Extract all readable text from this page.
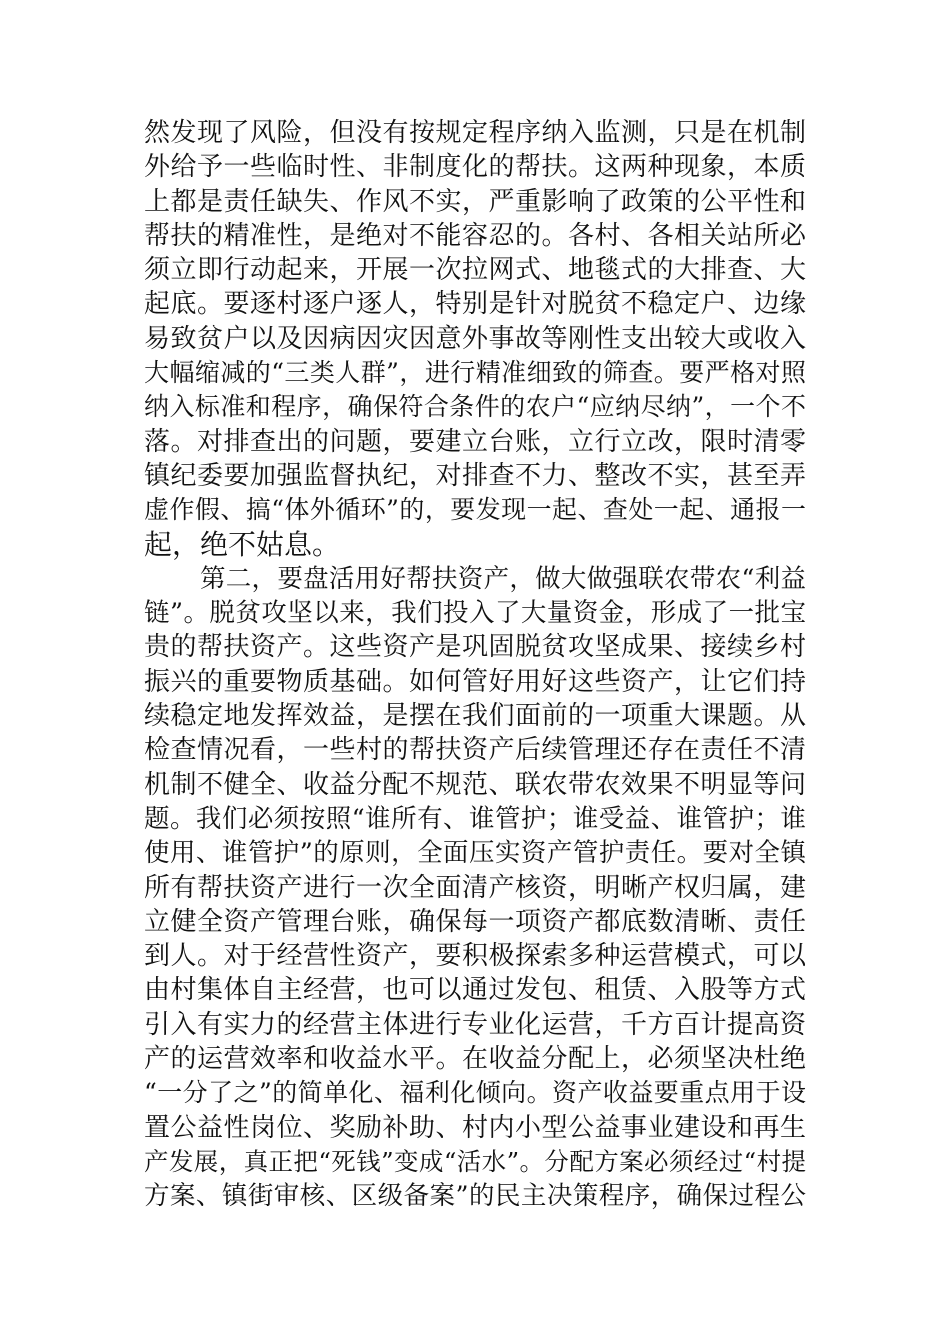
然发现了风险，但没有按规定程序纳入监测，只是在机制
外给予一些临时性、非制度化的帮扶。这两种现象，本质
上都是责任缺失、作风不实，严重影响了政策的公平性和
帮扶的精准性，是绝对不能容忍的。各村、各相关站所必
须立即行动起来，开展一次拉网式、地毯式的大排查、大
起底。要逐村逐户逐人，特别是针对脱贫不稳定户、边缘
易致贫户以及因病因灾因意外事故等刚性支出较大或收入
大幅缩减的“三类人群”，进行精准细致的筛查。要严格对照
纳入标准和程序，确保符合条件的农户“应纳尽纳”，一个不
落。对排查出的问题，要建立台账，立行立改，限时清零
镇纪委要加强监督执纪，对排查不力、整改不实，甚至弄
虚作假、搞“体外循环”的，要发现一起、查处一起、通报一
起，绝不姑息。
第二，要盘活用好帮扶资产，做大做强联农带农“利益
链”。脱贫攻坚以来，我们投入了大量资金，形成了一批宝
贵的帮扶资产。这些资产是巩固脱贫攻坚成果、接续乡村
振兴的重要物质基础。如何管好用好这些资产，让它们持
续稳定地发挥效益，是摆在我们面前的一项重大课题。从
检查情况看，一些村的帮扶资产后续管理还存在责任不清
机制不健全、收益分配不规范、联农带农效果不明显等问
题。我们必须按照“谁所有、谁管护；谁受益、谁管护；谁
使用、谁管护”的原则，全面压实资产管护责任。要对全镇
所有帮扶资产进行一次全面清产核资，明晰产权归属，建
立健全资产管理台账，确保每一项资产都底数清晰、责任
到人。对于经营性资产，要积极探索多种运营模式，可以
由村集体自主经营，也可以通过发包、租赁、入股等方式
引入有实力的经营主体进行专业化运营，千方百计提高资
产的运营效率和收益水平。在收益分配上，必须坚决杜绝
“一分了之”的简单化、福利化倾向。资产收益要重点用于设
置公益性岗位、奖励补助、村内小型公益事业建设和再生
产发展，真正把“死钱”变成“活水”。分配方案必须经过“村提
方案、镇街审核、区级备案”的民主决策程序，确保过程公
